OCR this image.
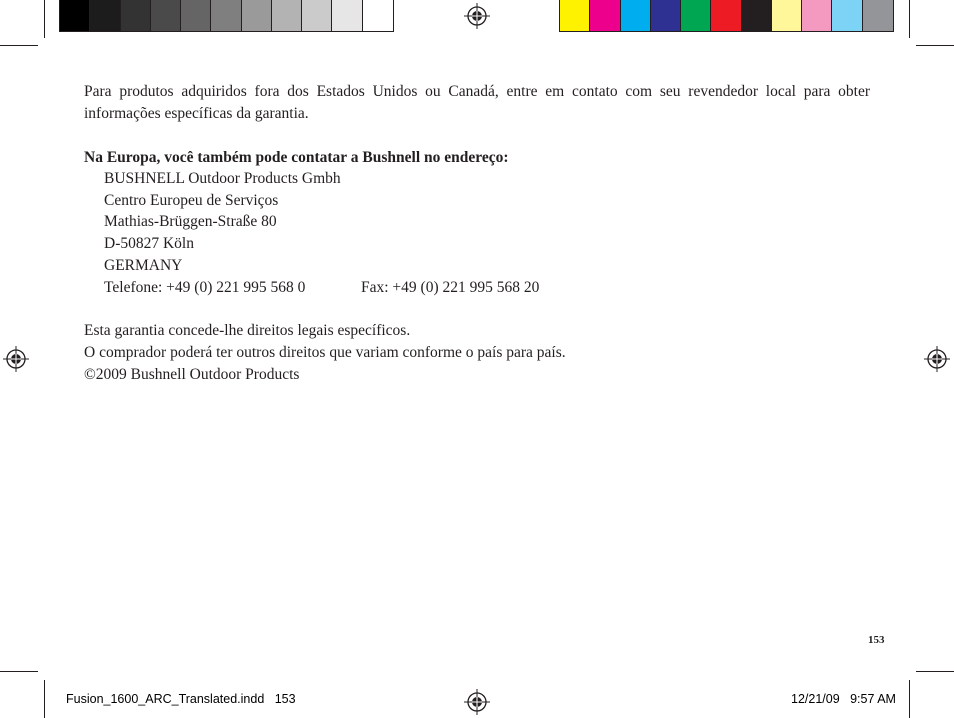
Para produtos adquiridos fora dos Estados Unidos ou Canadá, entre em contato com seu revendedor local para obter informações específicas da garantia.
Na Europa, você também pode contatar a Bushnell no endereço:
BUSHNELL Outdoor Products Gmbh
Centro Europeu de Serviços
Mathias-Brüggen-Straße 80
D-50827 Köln
GERMANY
Telefone: +49 (0) 221 995 568 0	Fax: +49 (0) 221 995 568 20
Esta garantia concede-lhe direitos legais específicos.
O comprador poderá ter outros direitos que variam conforme o país para país.
©2009 Bushnell Outdoor Products
153
Fusion_1600_ARC_Translated.indd   153	12/21/09   9:57 AM
